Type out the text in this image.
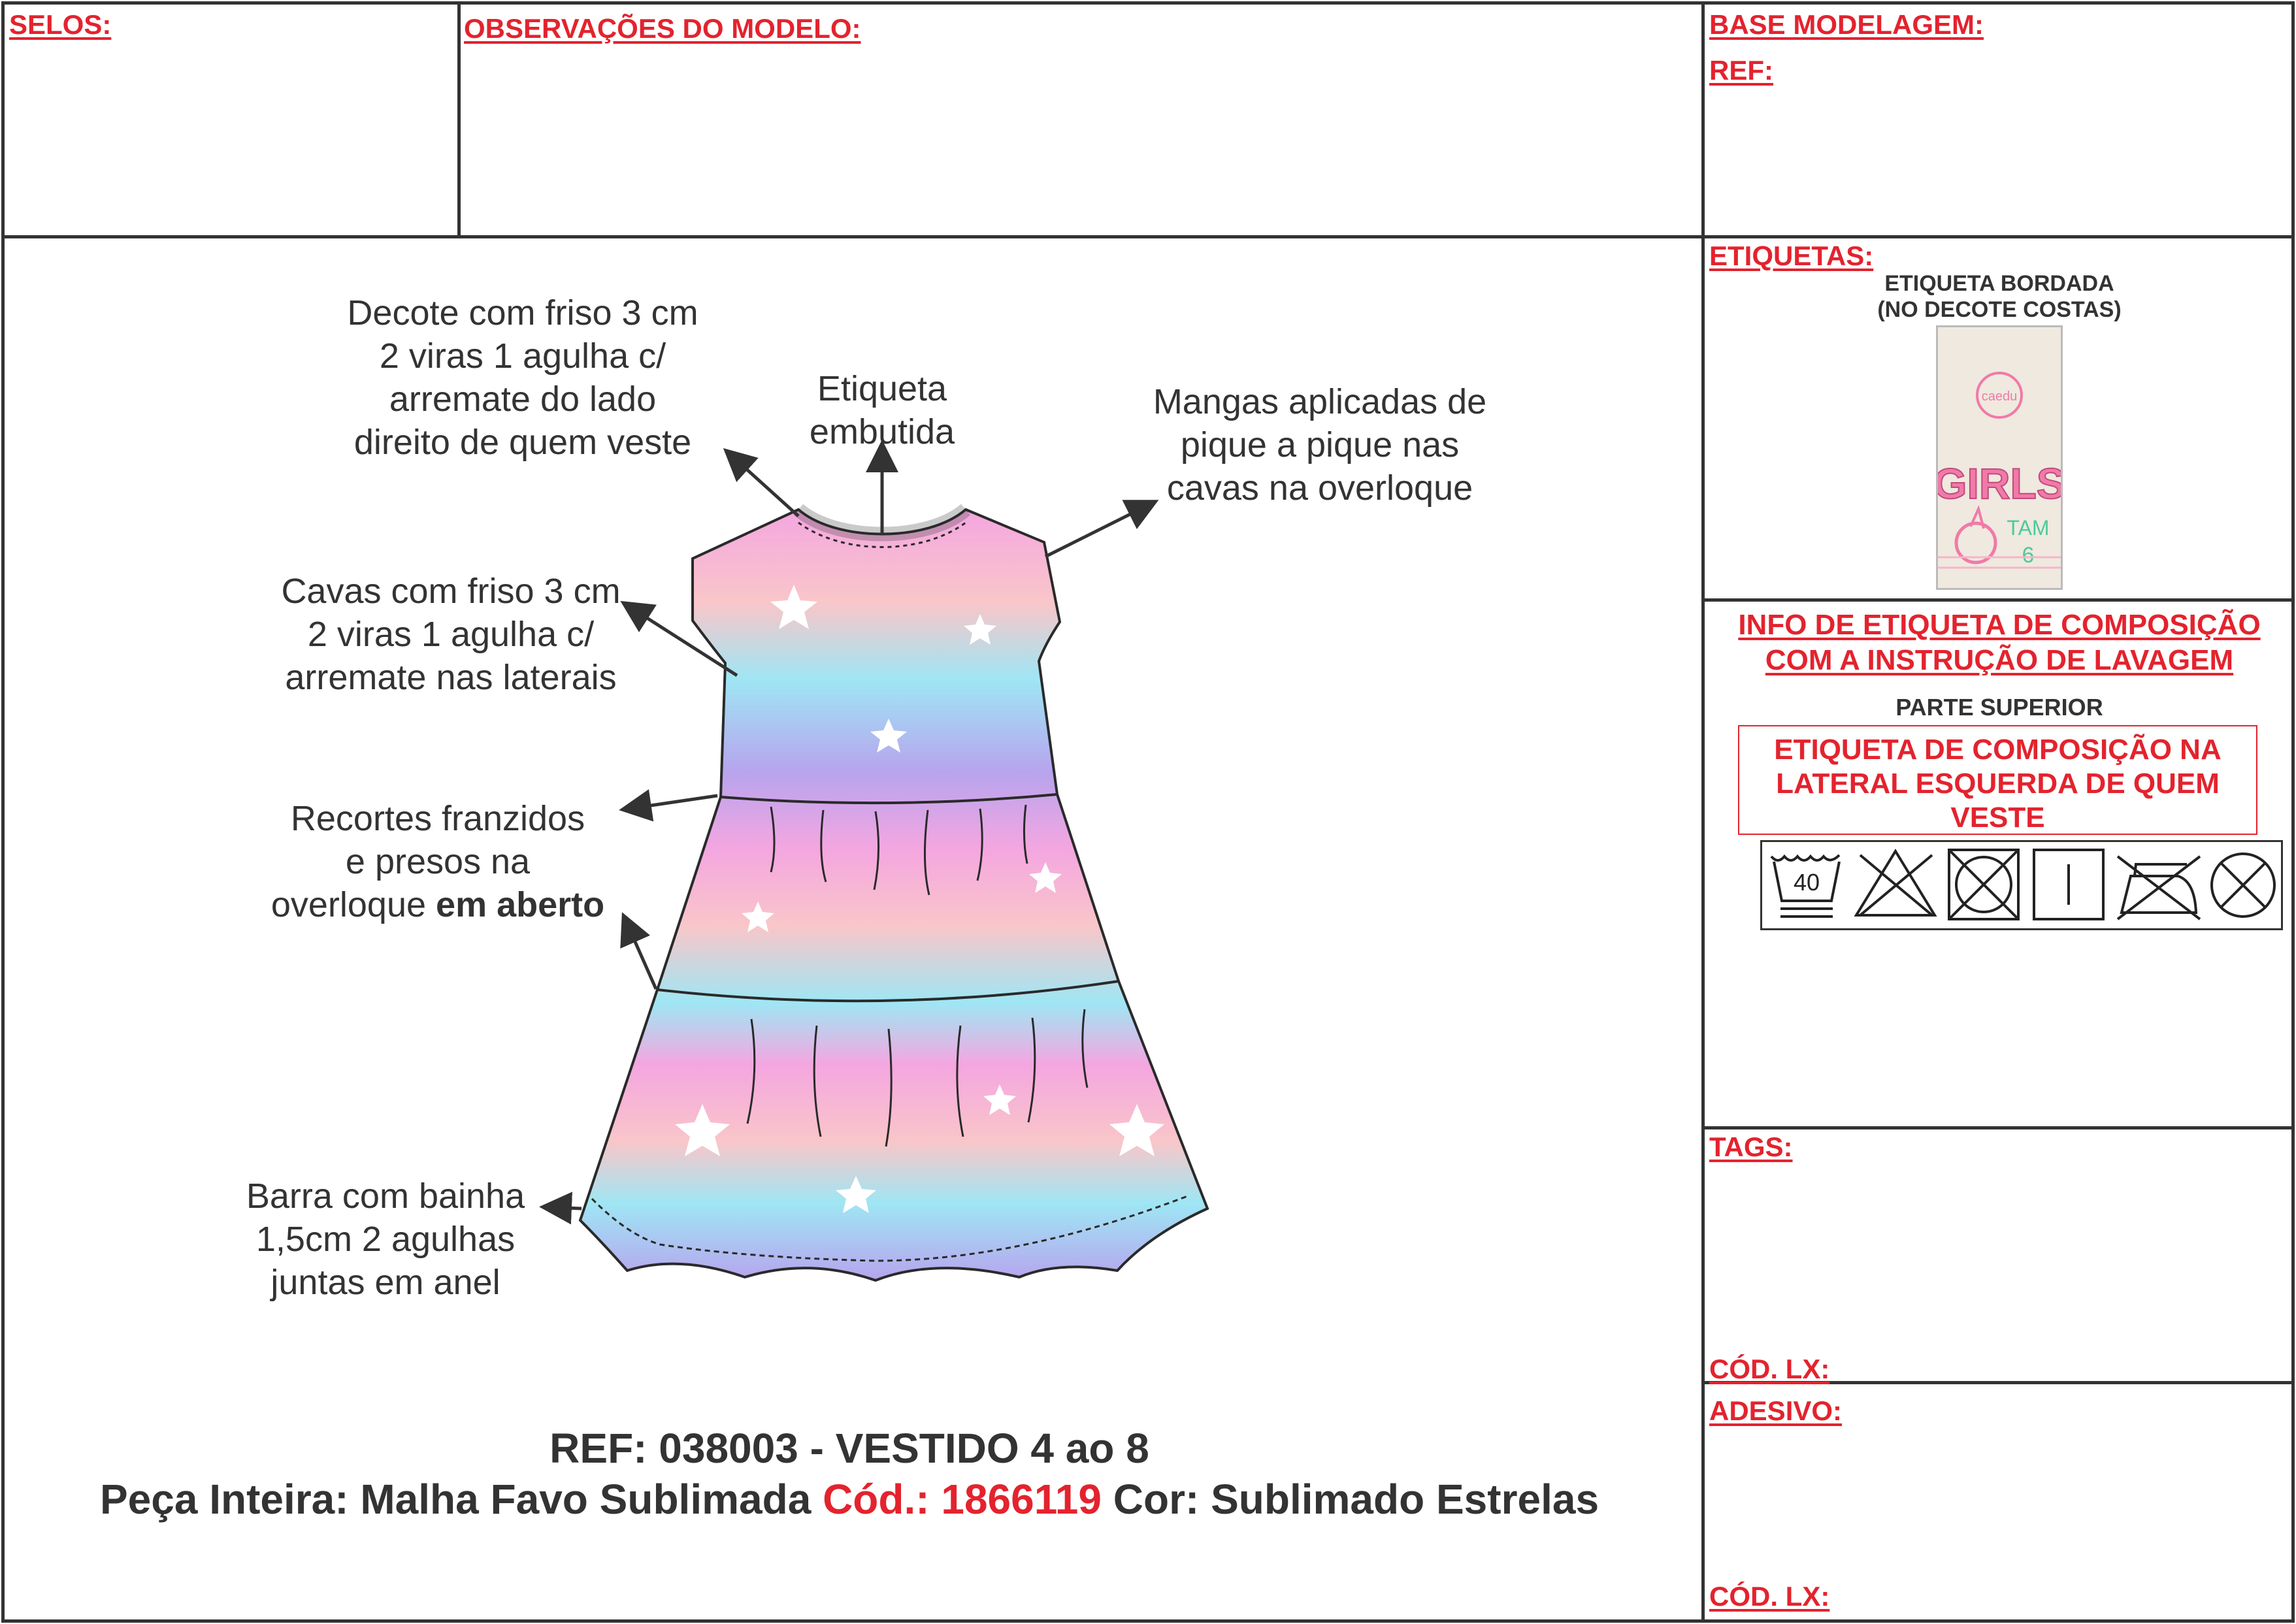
SELOS:	OBSERVAÇÕES DO MODELO:	BASE MODELAGEM:
REF:
ETIQUETAS:
TAGS:
CÓD. LX:
ADESIVO:
CÓD. LX:
Decote com friso 3 cm
2 viras 1 agulha c/
arremate do lado
direito de quem veste
Etiqueta
embutida
Mangas aplicadas de
pique a pique nas
cavas na overloque
Cavas com friso 3 cm
2 viras 1 agulha c/
arremate nas laterais
Recortes franzidos
e presos na
overloque em aberto
Barra com bainha
1,5cm 2 agulhas
juntas em anel
REF: 038003 - VESTIDO 4 ao 8
Peça Inteira: Malha Favo Sublimada Cód.: 1866119 Cor: Sublimado Estrelas
ETIQUETA BORDADA
(NO DECOTE COSTAS)
caedu
GIRLS
TAM
6
INFO DE ETIQUETA DE COMPOSIÇÃO
COM A INSTRUÇÃO DE LAVAGEM
PARTE SUPERIOR
ETIQUETA DE COMPOSIÇÃO NA
LATERAL ESQUERDA DE QUEM
VESTE
40
